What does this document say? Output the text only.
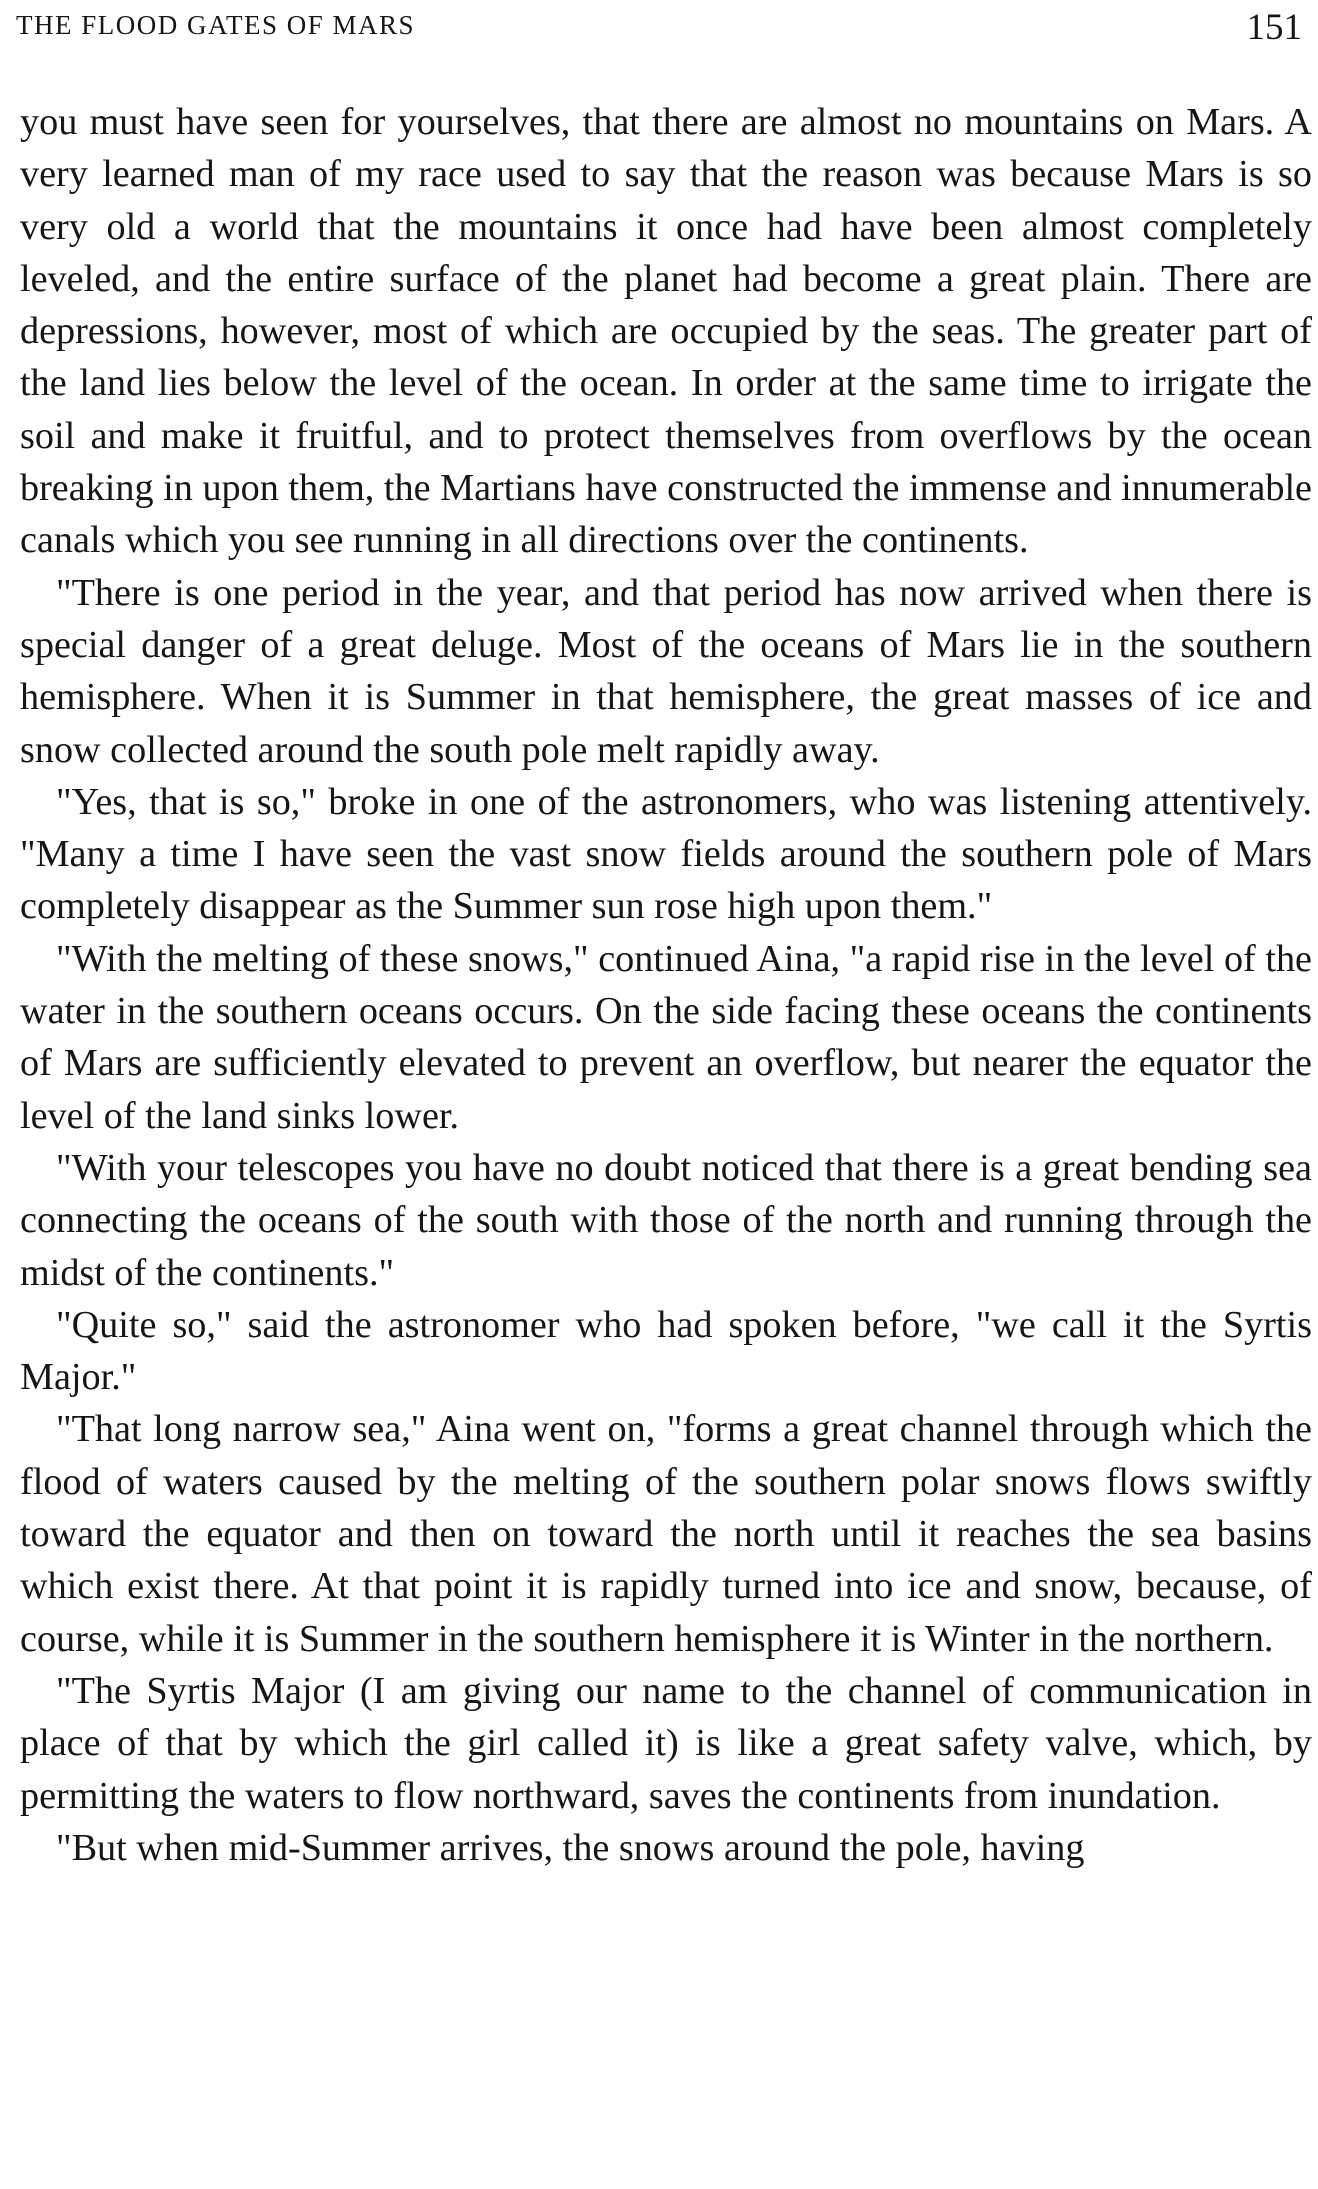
THE FLOOD GATES OF MARS	151

you must have seen for yourselves, that there are almost no mountains on Mars. A very learned man of my race used to say that the reason was because Mars is so very old a world that the mountains it once had have been almost completely leveled, and the entire surface of the planet had become a great plain. There are depressions, however, most of which are occupied by the seas. The greater part of the land lies below the level of the ocean. In order at the same time to irrigate the soil and make it fruitful, and to protect themselves from overflows by the ocean breaking in upon them, the Martians have constructed the immense and innumerable canals which you see running in all directions over the continents.

"There is one period in the year, and that period has now arrived when there is special danger of a great deluge. Most of the oceans of Mars lie in the southern hemisphere. When it is Summer in that hemisphere, the great masses of ice and snow collected around the south pole melt rapidly away.

"Yes, that is so," broke in one of the astronomers, who was listening attentively. "Many a time I have seen the vast snow fields around the southern pole of Mars completely disappear as the Summer sun rose high upon them."

"With the melting of these snows," continued Aina, "a rapid rise in the level of the water in the southern oceans occurs. On the side facing these oceans the continents of Mars are sufficiently elevated to prevent an overflow, but nearer the equator the level of the land sinks lower.

"With your telescopes you have no doubt noticed that there is a great bending sea connecting the oceans of the south with those of the north and running through the midst of the continents."

"Quite so," said the astronomer who had spoken before, "we call it the Syrtis Major."

"That long narrow sea," Aina went on, "forms a great channel through which the flood of waters caused by the melting of the southern polar snows flows swiftly toward the equator and then on toward the north until it reaches the sea basins which exist there. At that point it is rapidly turned into ice and snow, because, of course, while it is Summer in the southern hemisphere it is Winter in the northern.

"The Syrtis Major (I am giving our name to the channel of communication in place of that by which the girl called it) is like a great safety valve, which, by permitting the waters to flow northward, saves the continents from inundation.

"But when mid-Summer arrives, the snows around the pole, having
